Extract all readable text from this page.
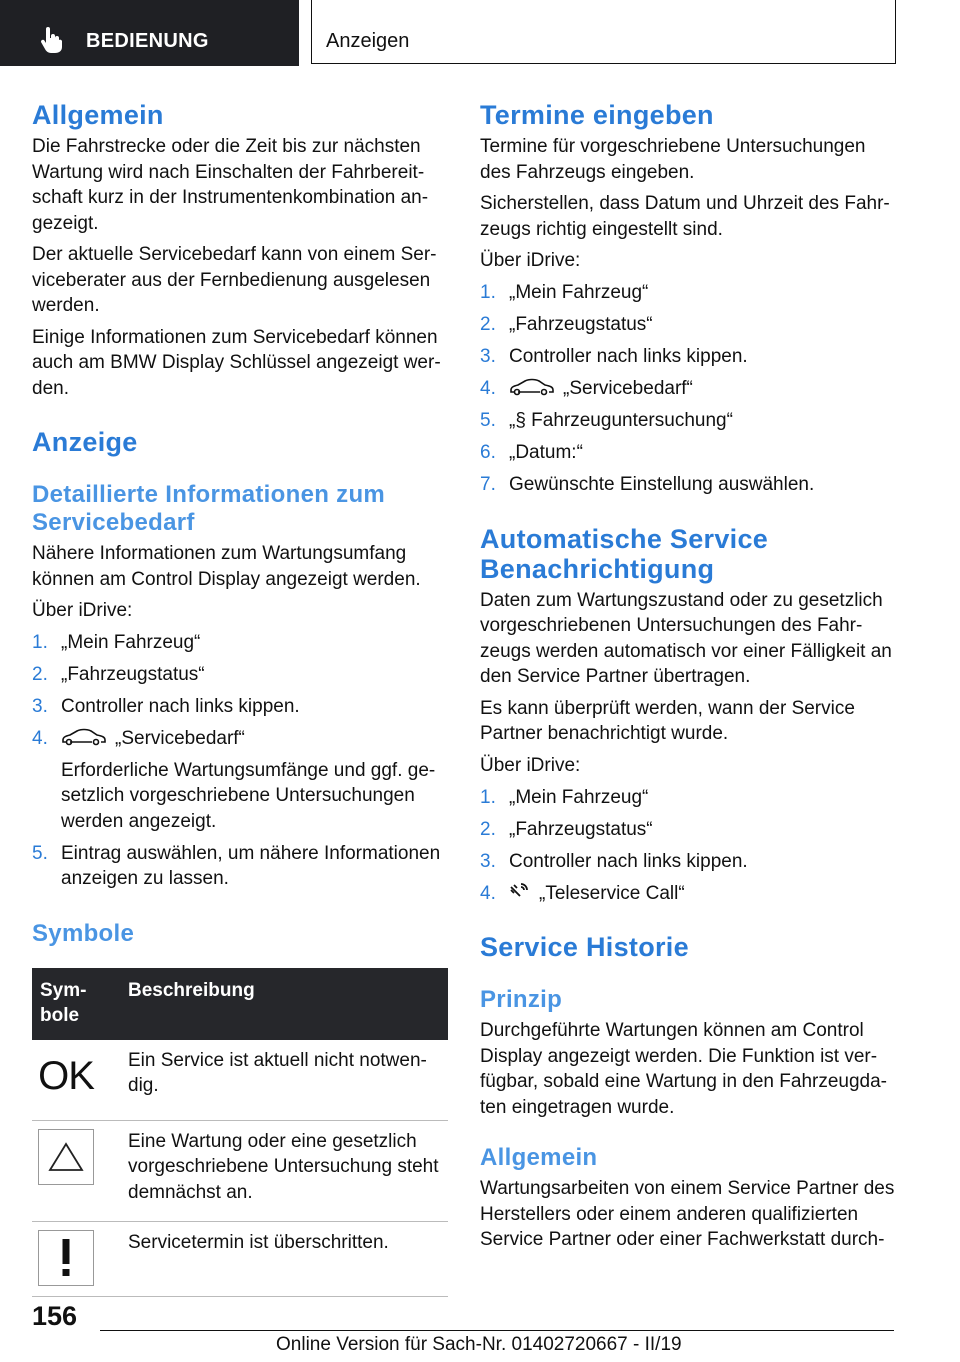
BEDIENUNG	Anzeigen
Allgemein

Die Fahrstrecke oder die Zeit bis zur nächsten Wartung wird nach Einschalten der Fahrbereit-schaft kurz in der Instrumentenkombination an-gezeigt.

Der aktuelle Servicebedarf kann von einem Ser-viceberater aus der Fernbedienung ausgelesen werden.

Einige Informationen zum Servicebedarf können auch am BMW Display Schlüssel angezeigt wer-den.

Anzeige
Detaillierte Informationen zum Servicebedarf

Nähere Informationen zum Wartungsumfang können am Control Display angezeigt werden.

Über iDrive:

1. „Mein Fahrzeug“
2. „Fahrzeugstatus“
3. Controller nach links kippen.
4.	„Servicebedarf“
Erforderliche Wartungsumfänge und ggf. ge-setzlich vorgeschriebene Untersuchungen werden angezeigt.
5. Eintrag auswählen, um nähere Informationen anzeigen zu lassen.
Symbole
Sym-bole	Beschreibung

OK	Ein Service ist aktuell nicht notwen-dig.

	Eine Wartung oder eine gesetzlich vorgeschriebene Untersuchung steht demnächst an.

	Servicetermin ist überschritten.
Termine eingeben

Termine für vorgeschriebene Untersuchungen des Fahrzeugs eingeben.

Sicherstellen, dass Datum und Uhrzeit des Fahr-zeugs richtig eingestellt sind.

Über iDrive:

1. „Mein Fahrzeug“
2. „Fahrzeugstatus“
3. Controller nach links kippen.
4.	„Servicebedarf“
5. „§ Fahrzeuguntersuchung“
6. „Datum:“
7. Gewünschte Einstellung auswählen.
Automatische Service Benachrichtigung

Daten zum Wartungszustand oder zu gesetzlich vorgeschriebenen Untersuchungen des Fahr-zeugs werden automatisch vor einer Fälligkeit an den Service Partner übertragen.

Es kann überprüft werden, wann der Service Partner benachrichtigt wurde.

Über iDrive:

1. „Mein Fahrzeug“
2. „Fahrzeugstatus“
3. Controller nach links kippen.
4. „Teleservice Call“
Service Historie
Prinzip

Durchgeführte Wartungen können am Control Display angezeigt werden. Die Funktion ist ver-fügbar, sobald eine Wartung in den Fahrzeugda-ten eingetragen wurde.

Allgemein

Wartungsarbeiten von einem Service Partner des Herstellers oder einem anderen qualifizierten Service Partner oder einer Fachwerkstatt durch-

156
Online Version für Sach-Nr. 01402720667 - II/19
